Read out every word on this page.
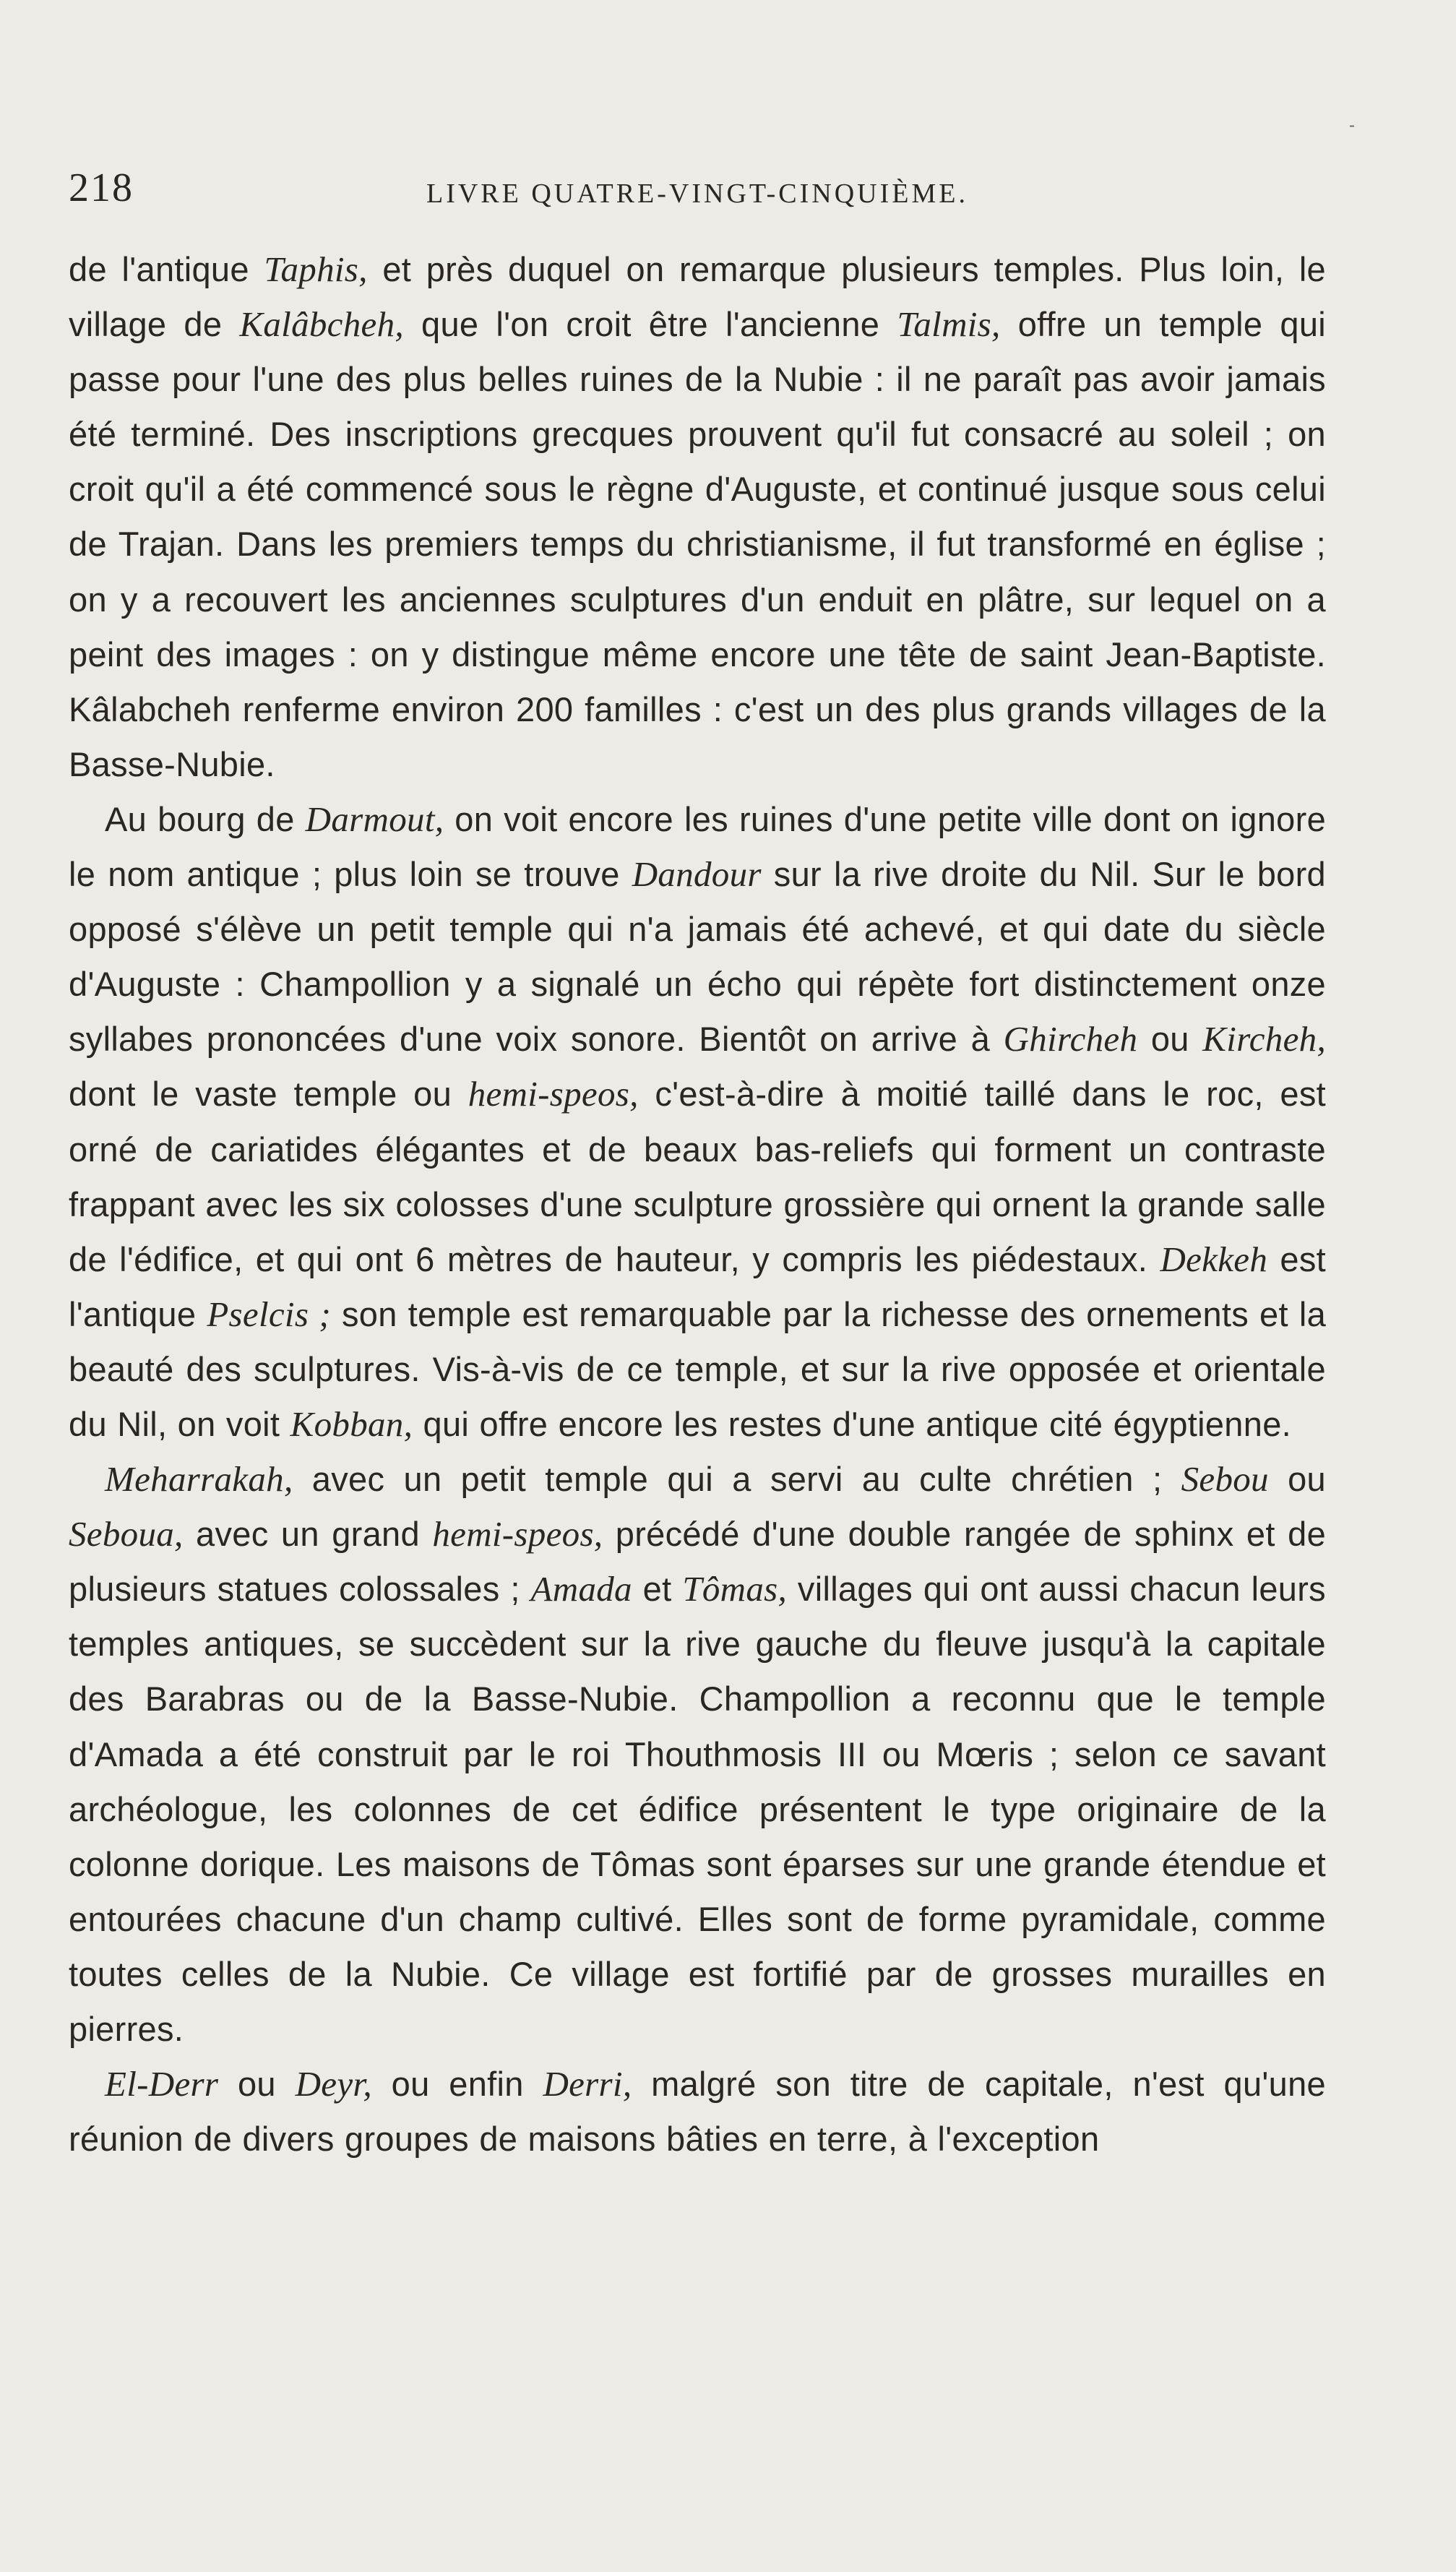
218	LIVRE QUATRE-VINGT-CINQUIÈME.

de l'antique Taphis, et près duquel on remarque plusieurs temples. Plus loin, le village de Kalâbcheh, que l'on croit être l'ancienne Talmis, offre un temple qui passe pour l'une des plus belles ruines de la Nubie : il ne paraît pas avoir jamais été terminé. Des inscriptions grecques prouvent qu'il fut consacré au soleil ; on croit qu'il a été commencé sous le règne d'Auguste, et continué jusque sous celui de Trajan. Dans les premiers temps du christianisme, il fut transformé en église ; on y a recouvert les anciennes sculptures d'un enduit en plâtre, sur lequel on a peint des images : on y distingue même encore une tête de saint Jean-Baptiste. Kâlabcheh renferme environ 200 familles : c'est un des plus grands villages de la Basse-Nubie.

Au bourg de Darmout, on voit encore les ruines d'une petite ville dont on ignore le nom antique ; plus loin se trouve Dandour sur la rive droite du Nil. Sur le bord opposé s'élève un petit temple qui n'a jamais été achevé, et qui date du siècle d'Auguste : Champollion y a signalé un écho qui répète fort distinctement onze syllabes prononcées d'une voix sonore. Bientôt on arrive à Ghircheh ou Kircheh, dont le vaste temple ou hemi-speos, c'est-à-dire à moitié taillé dans le roc, est orné de cariatides élégantes et de beaux bas-reliefs qui forment un contraste frappant avec les six colosses d'une sculpture grossière qui ornent la grande salle de l'édifice, et qui ont 6 mètres de hauteur, y compris les piédestaux. Dekkeh est l'antique Pselcis ; son temple est remarquable par la richesse des ornements et la beauté des sculptures. Vis-à-vis de ce temple, et sur la rive opposée et orientale du Nil, on voit Kobban, qui offre encore les restes d'une antique cité égyptienne.

Meharrakah, avec un petit temple qui a servi au culte chrétien ; Sebou ou Seboua, avec un grand hemi-speos, précédé d'une double rangée de sphinx et de plusieurs statues colossales ; Amada et Tômas, villages qui ont aussi chacun leurs temples antiques, se succèdent sur la rive gauche du fleuve jusqu'à la capitale des Barabras ou de la Basse-Nubie. Champollion a reconnu que le temple d'Amada a été construit par le roi Thouthmosis III ou Mœris ; selon ce savant archéologue, les colonnes de cet édifice présentent le type originaire de la colonne dorique. Les maisons de Tômas sont éparses sur une grande étendue et entourées chacune d'un champ cultivé. Elles sont de forme pyramidale, comme toutes celles de la Nubie. Ce village est fortifié par de grosses murailles en pierres.

El-Derr ou Deyr, ou enfin Derri, malgré son titre de capitale, n'est qu'une réunion de divers groupes de maisons bâties en terre, à l'exception

-
